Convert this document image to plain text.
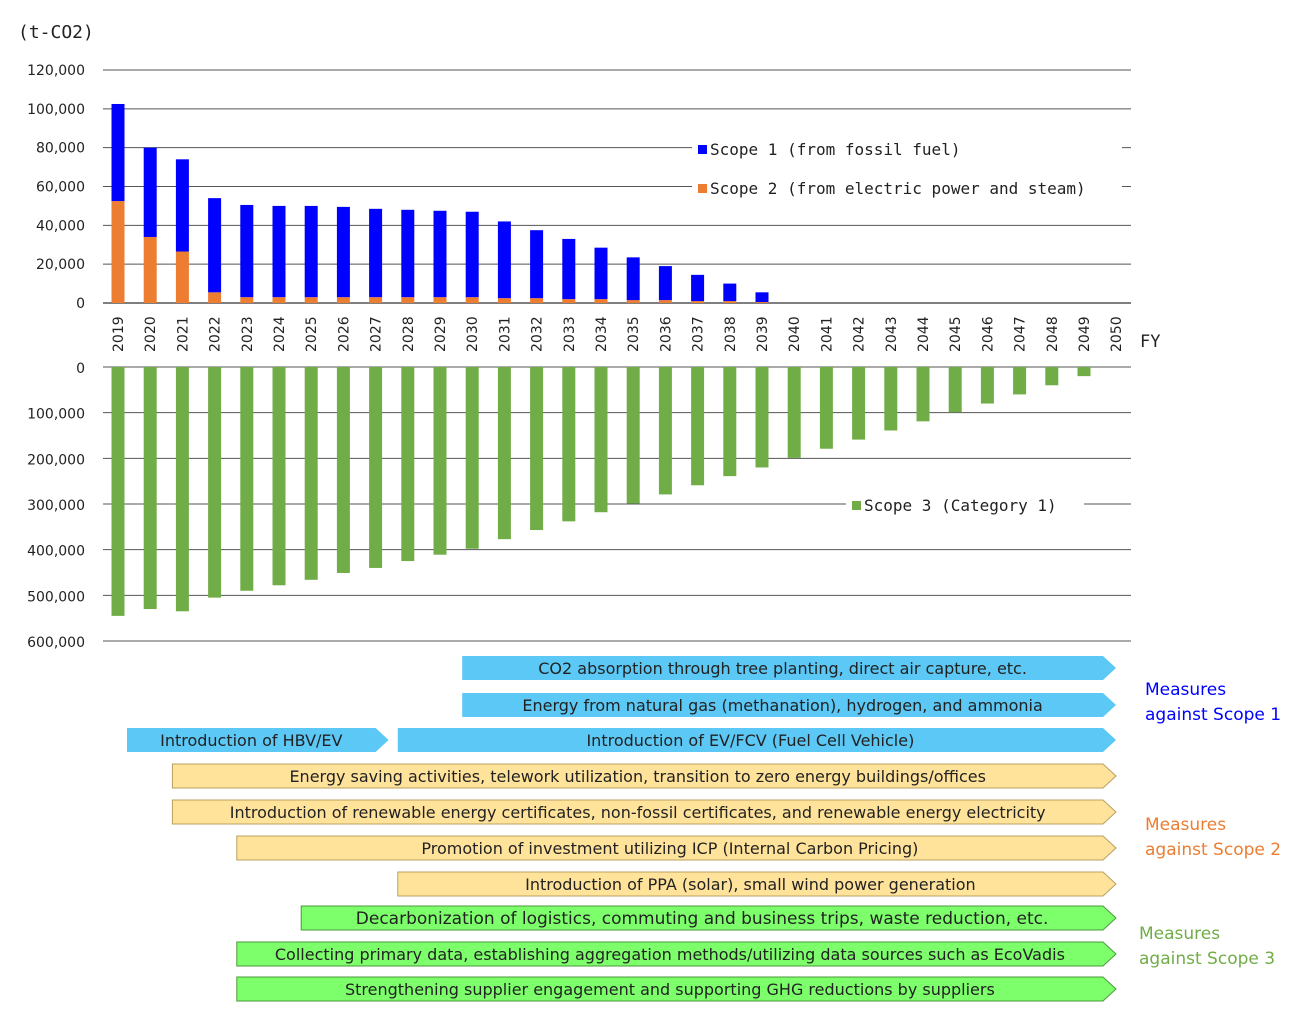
(t-CO2)
FY
120,000
100,000
80,000
60,000
40,000
20,000
0
2019 2020 2021 2022 2023 2024 2025 2026 2027 2028 2029 2030 2031 2032 2033 2034 2035 2036 2037 2038 2039 2040 2041 2042 2043 2044 2045 2046 2047 2048 2049 2050
0
100,000
200,000
300,000
400,000
500,000
600,000
Scope 1 (from fossil fuel)
Scope 2 (from electric power and steam)
Scope 3 (Category 1)
CO2 absorption through tree planting, direct air capture, etc.
Energy from natural gas (methanation), hydrogen, and ammonia
Introduction of HBV/EV	Introduction of EV/FCV (Fuel Cell Vehicle)
Energy saving activities, telework utilization, transition to zero energy buildings/offices
Introduction of renewable energy certificates, non-fossil certificates, and renewable energy electricity
Promotion of investment utilizing ICP (Internal Carbon Pricing)
Introduction of PPA (solar), small wind power generation
Decarbonization of logistics, commuting and business trips, waste reduction, etc.
Collecting primary data, establishing aggregation methods/utilizing data sources such as EcoVadis
Strengthening supplier engagement and supporting GHG reductions by suppliers
Measures
against Scope 1
Measures
against Scope 2
Measures
against Scope 3
